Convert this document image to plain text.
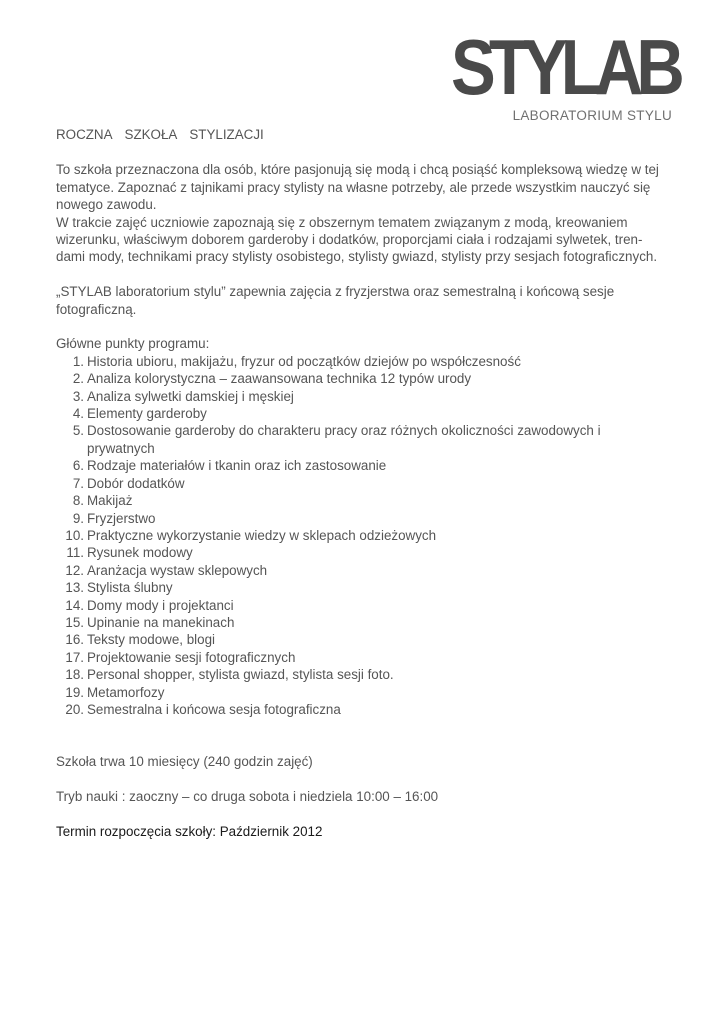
STYLAB
LABORATORIUM STYLU

ROCZNA SZKOŁA STYLIZACJI

To szkoła przeznaczona dla osób, które pasjonują się modą i chcą posiąść kompleksową wiedzę w tej tematyce. Zapoznać z tajnikami pracy stylisty na własne potrzeby, ale przede wszystkim nauczyć się nowego zawodu.

W trakcie zajęć uczniowie zapoznają się z obszernym tematem związanym z modą, kreowaniem wizerunku, właściwym doborem garderoby i dodatków, proporcjami ciała i rodzajami sylwetek, tren-dami mody, technikami pracy stylisty osobistego, stylisty gwiazd, stylisty przy sesjach fotograficznych.

„STYLAB laboratorium stylu” zapewnia zajęcia z fryzjerstwa oraz semestralną i końcową sesje fotograficzną.

Główne punkty programu:

1. Historia ubioru, makijażu, fryzur od początków dziejów po współczesność
2. Analiza kolorystyczna – zaawansowana technika 12 typów urody
3. Analiza sylwetki damskiej i męskiej
4. Elementy garderoby
5. Dostosowanie garderoby do charakteru pracy oraz różnych okoliczności zawodowych i prywatnych
6. Rodzaje materiałów i tkanin oraz ich zastosowanie
7. Dobór dodatków
8. Makijaż
9. Fryzjerstwo
10. Praktyczne wykorzystanie wiedzy w sklepach odzieżowych
11. Rysunek modowy
12. Aranżacja wystaw sklepowych
13. Stylista ślubny
14. Domy mody i projektanci
15. Upinanie na manekinach
16. Teksty modowe, blogi
17. Projektowanie sesji fotograficznych
18. Personal shopper, stylista gwiazd, stylista sesji foto.
19. Metamorfozy
20. Semestralna i końcowa sesja fotograficzna

Szkoła trwa 10 miesięcy (240 godzin zajęć)

Tryb nauki : zaoczny – co druga sobota i niedziela 10:00 – 16:00

Termin rozpoczęcia szkoły: Październik 2012
